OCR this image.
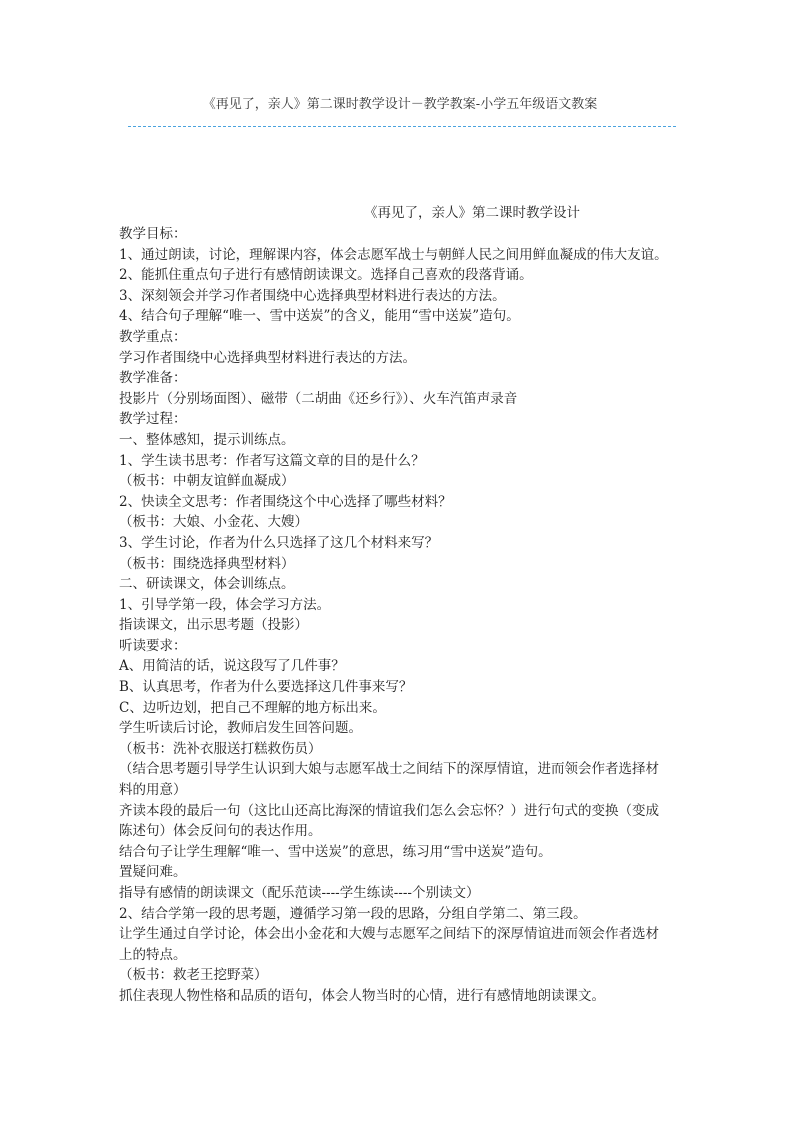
《再见了，亲人》第二课时教学设计－教学教案-小学五年级语文教案
《再见了，亲人》第二课时教学设计

教学目标：

1、通过朗读，讨论，理解课内容，体会志愿军战士与朝鲜人民之间用鲜血凝成的伟大友谊。

2、能抓住重点句子进行有感情朗读课文。选择自己喜欢的段落背诵。

3、深刻领会并学习作者围绕中心选择典型材料进行表达的方法。

4、结合句子理解“唯一、雪中送炭”的含义，能用“雪中送炭”造句。

教学重点：

学习作者围绕中心选择典型材料进行表达的方法。

教学准备：

投影片（分别场面图）、磁带（二胡曲《还乡行》）、火车汽笛声录音

教学过程：

一、整体感知，提示训练点。

1、学生读书思考：作者写这篇文章的目的是什么？

（板书：中朝友谊鲜血凝成）

2、快读全文思考：作者围绕这个中心选择了哪些材料？

（板书：大娘、小金花、大嫂）

3、学生讨论，作者为什么只选择了这几个材料来写？

（板书：围绕选择典型材料）

二、研读课文，体会训练点。

1、引导学第一段，体会学习方法。

指读课文，出示思考题（投影）

听读要求：

A、用简洁的话，说这段写了几件事？

B、认真思考，作者为什么要选择这几件事来写？

C、边听边划，把自己不理解的地方标出来。

学生听读后讨论，教师启发生回答问题。

（板书：洗补衣服送打糕救伤员）

（结合思考题引导学生认识到大娘与志愿军战士之间结下的深厚情谊，进而领会作者选择材

料的用意）

齐读本段的最后一句（这比山还高比海深的情谊我们怎么会忘怀？）进行句式的变换（变成

陈述句）体会反问句的表达作用。

结合句子让学生理解“唯一、雪中送炭”的意思，练习用“雪中送炭”造句。

置疑问难。

指导有感情的朗读课文（配乐范读----学生练读----个别读文）

2、结合学第一段的思考题，遵循学习第一段的思路，分组自学第二、第三段。

让学生通过自学讨论，体会出小金花和大嫂与志愿军之间结下的深厚情谊进而领会作者选材

上的特点。

（板书：救老王挖野菜）

抓住表现人物性格和品质的语句，体会人物当时的心情，进行有感情地朗读课文。
